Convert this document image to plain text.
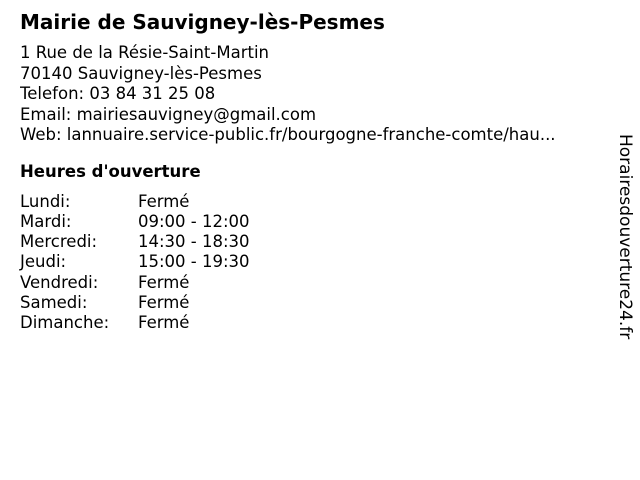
Mairie de Sauvigney-lès-Pesmes
1 Rue de la Résie-Saint-Martin
70140 Sauvigney-lès-Pesmes
Telefon: 03 84 31 25 08
Email: mairiesauvigney@gmail.com
Web: lannuaire.service-public.fr/bourgogne-franche-comte/hau...
Heures d'ouverture
Lundi:	Fermé
Mardi:	09:00 - 12:00
Mercredi:	14:30 - 18:30
Jeudi:	15:00 - 19:30
Vendredi:	Fermé
Samedi:	Fermé
Dimanche:	Fermé	Horairesdouverture24.fr
